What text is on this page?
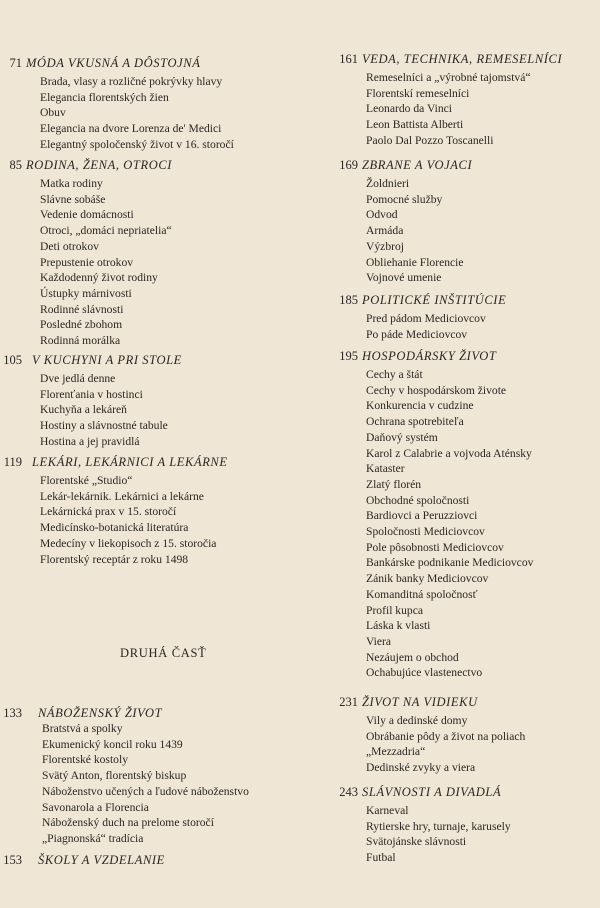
71 MÓDA VKUSNÁ A DÔSTOJNÁ
Brada, vlasy a rozličné pokrývky hlavy
Elegancia florentských žien
Obuv
Elegancia na dvore Lorenza de' Medici
Elegantný spoločenský život v 16. storočí
85 RODINA, ŽENA, OTROCI
Matka rodiny
Slávne sobáše
Vedenie domácnosti
Otroci, „domáci nepriatelia“
Deti otrokov
Prepustenie otrokov
Každodenný život rodiny
Ústupky márnivosti
Rodinné slávnosti
Posledné zbohom
Rodinná morálka
105 V KUCHYNI A PRI STOLE
Dve jedlá denne
Florenťania v hostinci
Kuchyňa a lekáreň
Hostiny a slávnostné tabule
Hostina a jej pravidlá
119 LEKÁRI, LEKÁRNICI A LEKÁRNE
Florentské „Studio“
Lekár-lekárnik. Lekárnici a lekárne
Lekárnická prax v 15. storočí
Medicínsko-botanická literatúra
Medecíny v liekopisoch z 15. storočia
Florentský receptár z roku 1498
DRUHÁ ČASŤ
133 NÁBOŽENSKÝ ŽIVOT
Bratstvá a spolky
Ekumenický koncil roku 1439
Florentské kostoly
Svätý Anton, florentský biskup
Náboženstvo učených a ľudové náboženstvo
Savonarola a Florencia
Náboženský duch na prelome storočí
„Piagnonská“ tradícia
153 ŠKOLY A VZDELANIE
161 VEDA, TECHNIKA, REMESELNÍCI
Remeselníci a „výrobné tajomstvá“
Florentskí remeselníci
Leonardo da Vinci
Leon Battista Alberti
Paolo Dal Pozzo Toscanelli
169 ZBRANE A VOJACI
Žoldnieri
Pomocné služby
Odvod
Armáda
Výzbroj
Obliehanie Florencie
Vojnové umenie
185 POLITICKÉ INŠTITÚCIE
Pred pádom Mediciovcov
Po páde Mediciovcov
195 HOSPODÁRSKY ŽIVOT
Cechy a štát
Cechy v hospodárskom živote
Konkurencia v cudzine
Ochrana spotrebiteľa
Daňový systém
Karol z Calabrie a vojvoda Aténsky
Kataster
Zlatý florén
Obchodné spoločnosti
Bardiovci a Peruzziovci
Spoločnosti Mediciovcov
Pole pôsobnosti Mediciovcov
Bankárske podnikanie Mediciovcov
Zánik banky Mediciovcov
Komanditná spoločnosť
Profil kupca
Láska k vlasti
Viera
Nezáujem o obchod
Ochabujúce vlastenectvo
231 ŽIVOT NA VIDIEKU
Vily a dedinské domy
Obrábanie pôdy a život na poliach
„Mezzadria“
Dedinské zvyky a viera
243 SLÁVNOSTI A DIVADLÁ
Karneval
Rytierske hry, turnaje, karusely
Svätojánske slávnosti
Futbal
